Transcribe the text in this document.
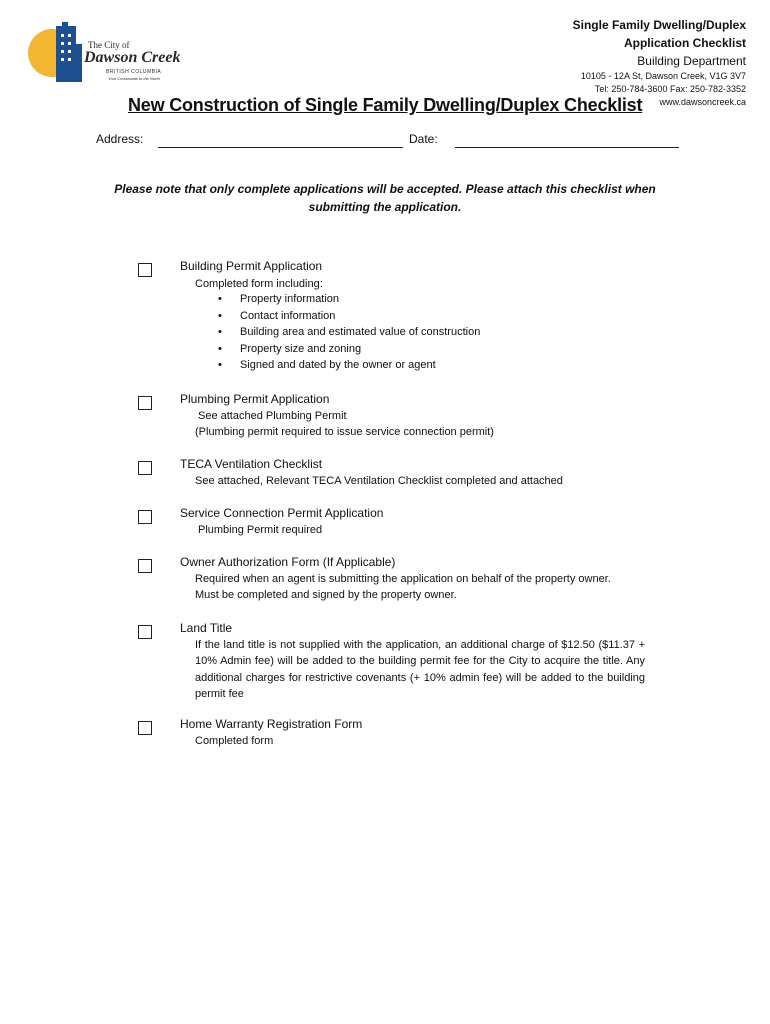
The City of
Dawson Creek
BRITISH COLUMBIA
Your Crossroads to the North
Single Family Dwelling/Duplex
Application Checklist
Building Department
10105 - 12A St, Dawson Creek, V1G 3V7
Tel: 250-784-3600 Fax: 250-782-3352
www.dawsoncreek.ca
New Construction of Single Family Dwelling/Duplex Checklist
Address:	Date:
Please note that only complete applications will be accepted. Please attach this checklist when submitting the application.
Building Permit Application
Completed form including:
• Property information
• Contact information
• Building area and estimated value of construction
• Property size and zoning
• Signed and dated by the owner or agent
Plumbing Permit Application
See attached Plumbing Permit
(Plumbing permit required to issue service connection permit)
TECA Ventilation Checklist
See attached, Relevant TECA Ventilation Checklist completed and attached
Service Connection Permit Application
Plumbing Permit required
Owner Authorization Form (If Applicable)
Required when an agent is submitting the application on behalf of the property owner.
Must be completed and signed by the property owner.
Land Title
If the land title is not supplied with the application, an additional charge of $12.50 ($11.37 + 10% Admin fee) will be added to the building permit fee for the City to acquire the title. Any additional charges for restrictive covenants (+ 10% admin fee) will be added to the building permit fee
Home Warranty Registration Form
Completed form
